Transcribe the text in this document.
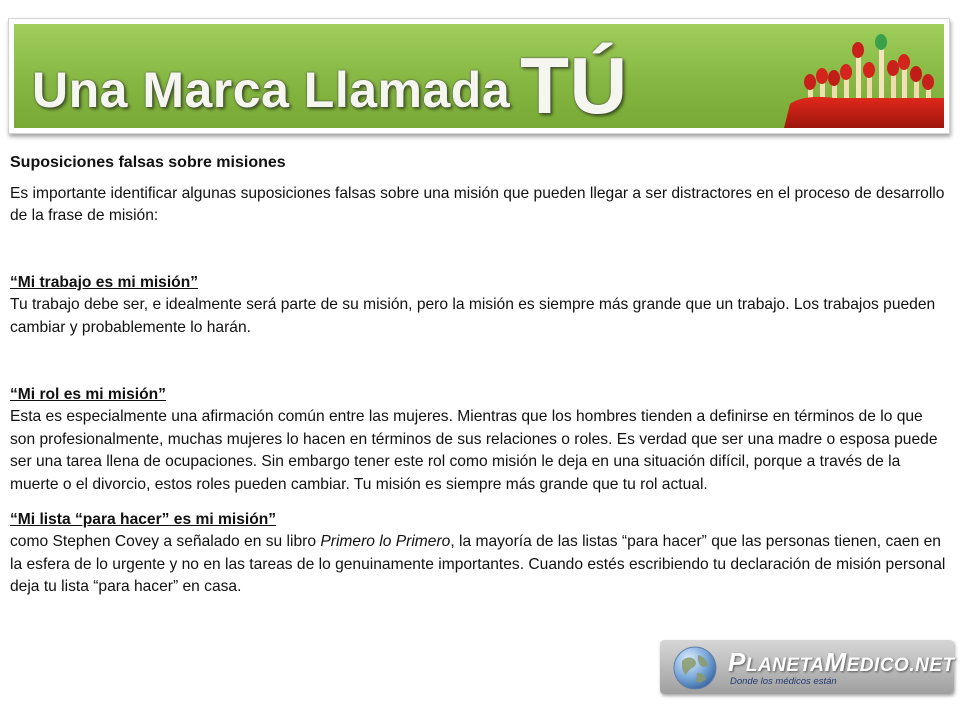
Una Marca Llamada TÚ
Suposiciones falsas sobre misiones

Es importante identificar algunas suposiciones falsas sobre una misión que pueden llegar a ser distractores en el proceso de desarrollo de la frase de misión:

“Mi trabajo es mi misión”

Tu trabajo debe ser, e idealmente será parte de su misión, pero la misión es siempre más grande que un trabajo. Los trabajos pueden cambiar y probablemente lo harán.

“Mi rol es mi misión”

Esta es especialmente una afirmación común entre las mujeres. Mientras que los hombres tienden a definirse en términos de lo que son profesionalmente, muchas mujeres lo hacen en términos de sus relaciones o roles. Es verdad que ser una madre o esposa puede ser una tarea llena de ocupaciones. Sin embargo tener este rol como misión le deja en una situación difícil, porque a través de la muerte o el divorcio, estos roles pueden cambiar. Tu misión es siempre más grande que tu rol actual.

“Mi lista “para hacer” es mi misión”

como Stephen Covey a señalado en su libro Primero lo Primero, la mayoría de las listas “para hacer” que las personas tienen, caen en la esfera de lo urgente y no en las tareas de lo genuinamente importantes. Cuando estés escribiendo tu declaración de misión personal deja tu lista “para hacer” en casa.

PLANETAMEDICO.NET
Donde los médicos están
